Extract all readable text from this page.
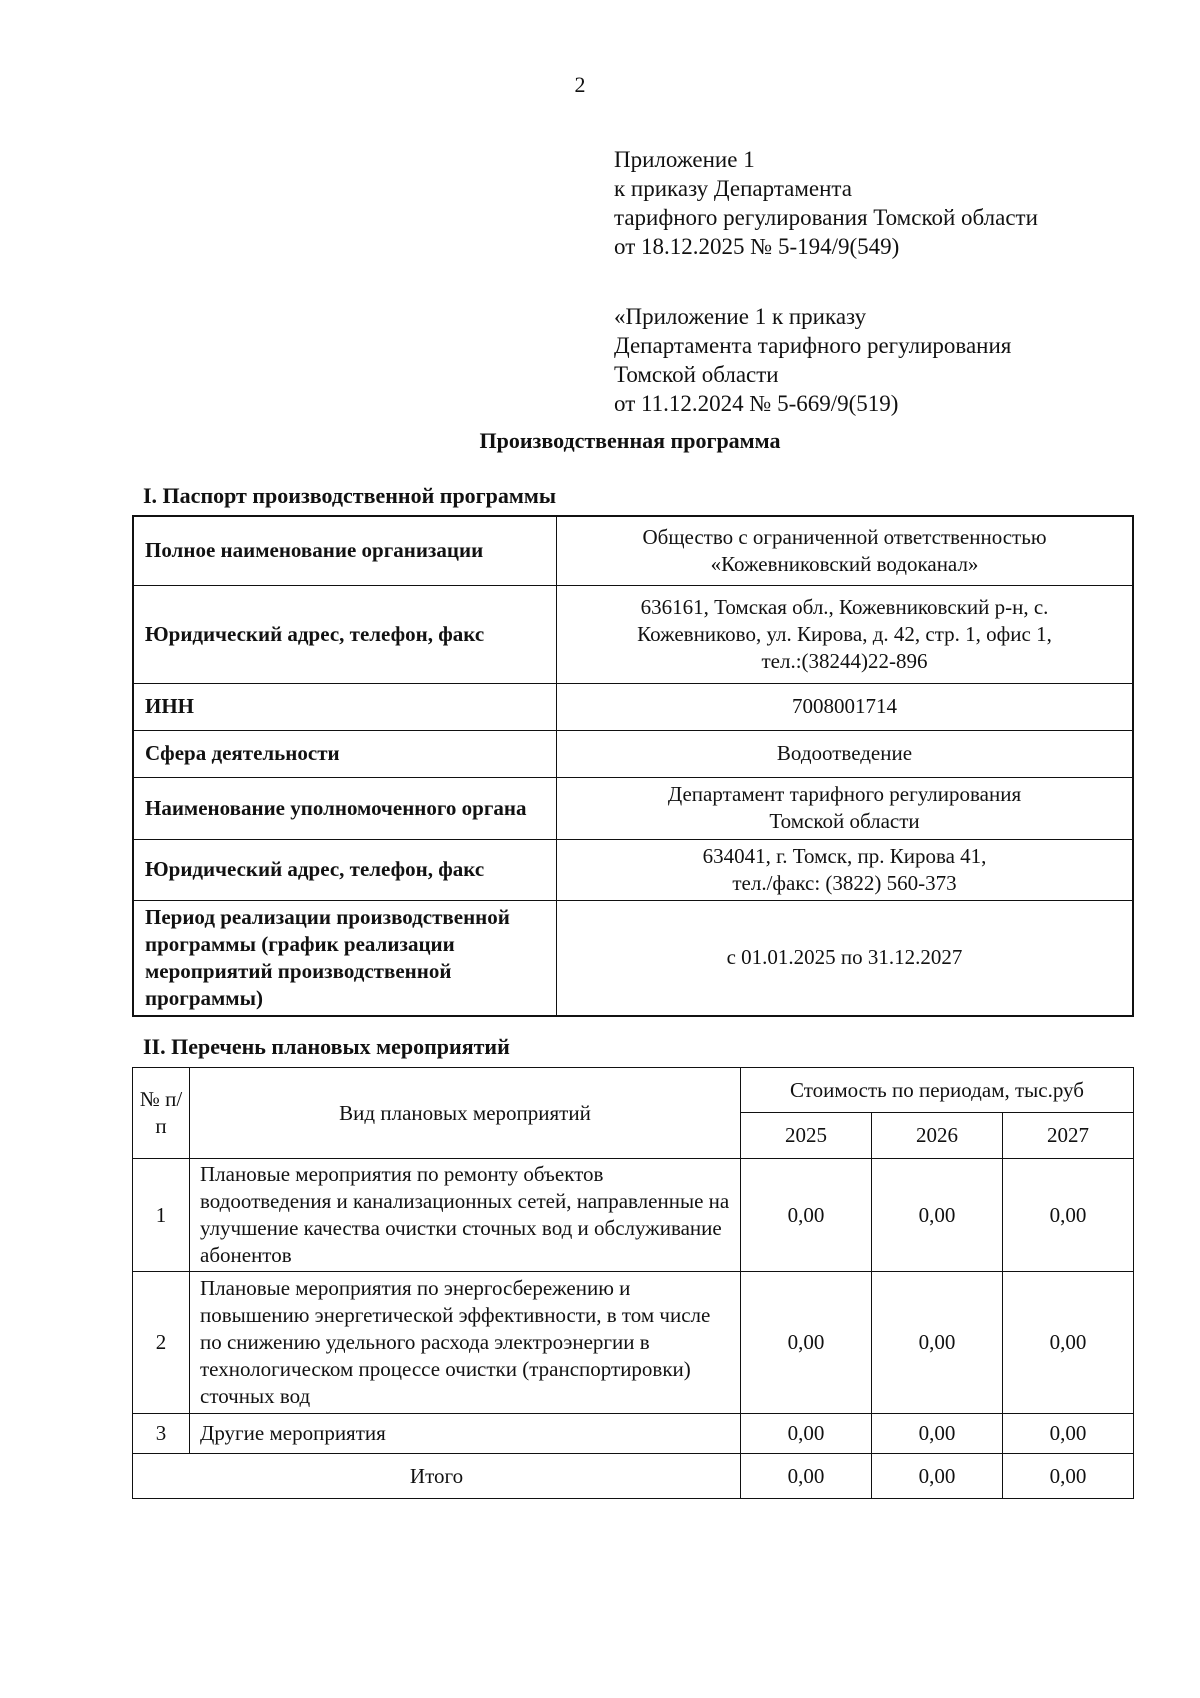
2
Приложение 1
к приказу Департамента
тарифного регулирования Томской области
от 18.12.2025 № 5-194/9(549)
«Приложение 1 к приказу
Департамента тарифного регулирования
Томской области
от 11.12.2024 № 5-669/9(519)
Производственная программа
I. Паспорт производственной программы
Полное наименование организации	Общество с ограниченной ответственностью
«Кожевниковский водоканал»

Юридический адрес, телефон, факс	636161, Томская обл., Кожевниковский р-н, с.
Кожевниково, ул. Кирова, д. 42, стр. 1, офис 1,
тел.:(38244)22-896

ИНН	7008001714

Сфера деятельности	Водоотведение

Наименование уполномоченного органа	Департамент тарифного регулирования
Томской области

Юридический адрес, телефон, факс	634041, г. Томск, пр. Кирова 41,
тел./факс: (3822) 560-373

Период реализации производственной программы (график реализации мероприятий производственной программы)	с 01.01.2025 по 31.12.2027
II. Перечень плановых мероприятий
№ п/п	Вид плановых мероприятий	Стоимость по периодам, тыс.руб		
		2025	2026	2027
1	Плановые мероприятия по ремонту объектов водоотведения и канализационных сетей, направленные на улучшение качества очистки сточных вод и обслуживание абонентов	0,00	0,00	0,00
2	Плановые мероприятия по энергосбережению и повышению энергетической эффективности, в том числе по снижению удельного расхода электроэнергии в технологическом процессе очистки (транспортировки) сточных вод	0,00	0,00	0,00
3	Другие мероприятия	0,00	0,00	0,00
Итого		0,00	0,00	0,00
